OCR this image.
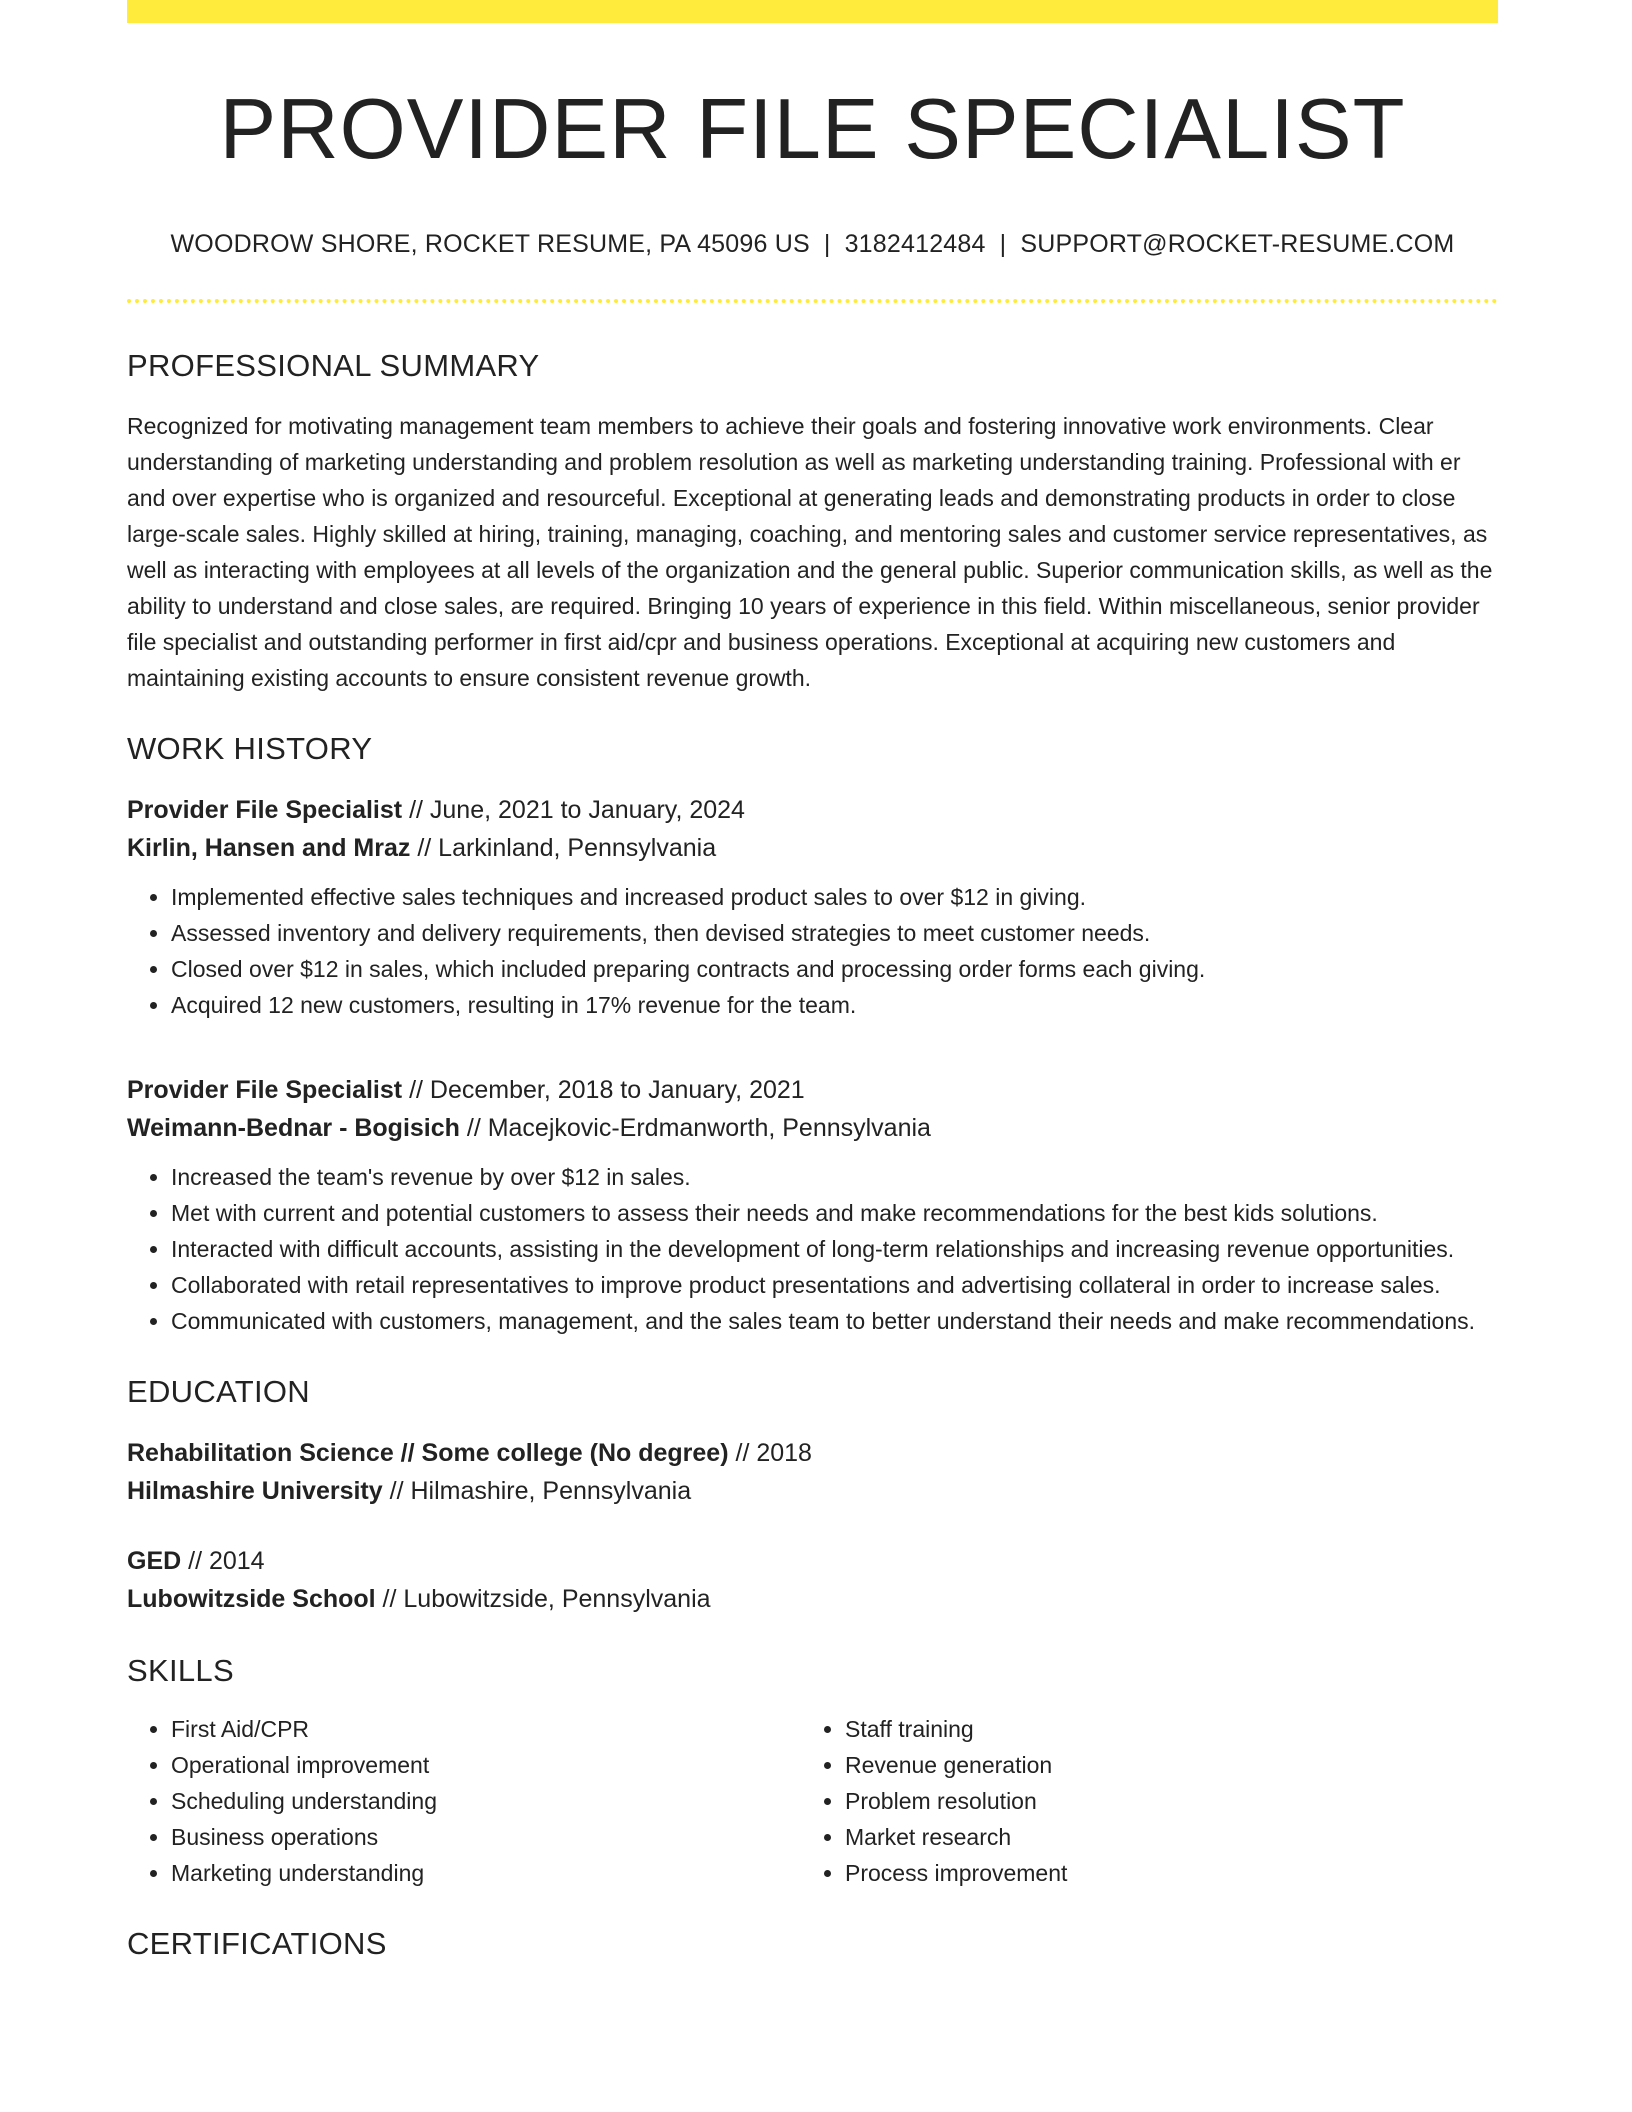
PROVIDER FILE SPECIALIST
WOODROW SHORE, ROCKET RESUME, PA 45096 US | 3182412484 | SUPPORT@ROCKET-RESUME.COM
PROFESSIONAL SUMMARY
Recognized for motivating management team members to achieve their goals and fostering innovative work environments. Clear understanding of marketing understanding and problem resolution as well as marketing understanding training. Professional with er and over expertise who is organized and resourceful. Exceptional at generating leads and demonstrating products in order to close large-scale sales. Highly skilled at hiring, training, managing, coaching, and mentoring sales and customer service representatives, as well as interacting with employees at all levels of the organization and the general public. Superior communication skills, as well as the ability to understand and close sales, are required. Bringing 10 years of experience in this field. Within miscellaneous, senior provider file specialist and outstanding performer in first aid/cpr and business operations. Exceptional at acquiring new customers and maintaining existing accounts to ensure consistent revenue growth.
WORK HISTORY
Provider File Specialist // June, 2021 to January, 2024
Kirlin, Hansen and Mraz // Larkinland, Pennsylvania
• Implemented effective sales techniques and increased product sales to over $12 in giving.
• Assessed inventory and delivery requirements, then devised strategies to meet customer needs.
• Closed over $12 in sales, which included preparing contracts and processing order forms each giving.
• Acquired 12 new customers, resulting in 17% revenue for the team.
Provider File Specialist // December, 2018 to January, 2021
Weimann-Bednar - Bogisich // Macejkovic-Erdmanworth, Pennsylvania
• Increased the team's revenue by over $12 in sales.
• Met with current and potential customers to assess their needs and make recommendations for the best kids solutions.
• Interacted with difficult accounts, assisting in the development of long-term relationships and increasing revenue opportunities.
• Collaborated with retail representatives to improve product presentations and advertising collateral in order to increase sales.
• Communicated with customers, management, and the sales team to better understand their needs and make recommendations.
EDUCATION
Rehabilitation Science // Some college (No degree) // 2018
Hilmashire University // Hilmashire, Pennsylvania
GED // 2014
Lubowitzside School // Lubowitzside, Pennsylvania
SKILLS
• First Aid/CPR
• Operational improvement
• Scheduling understanding
• Business operations
• Marketing understanding
• Staff training
• Revenue generation
• Problem resolution
• Market research
• Process improvement
CERTIFICATIONS
